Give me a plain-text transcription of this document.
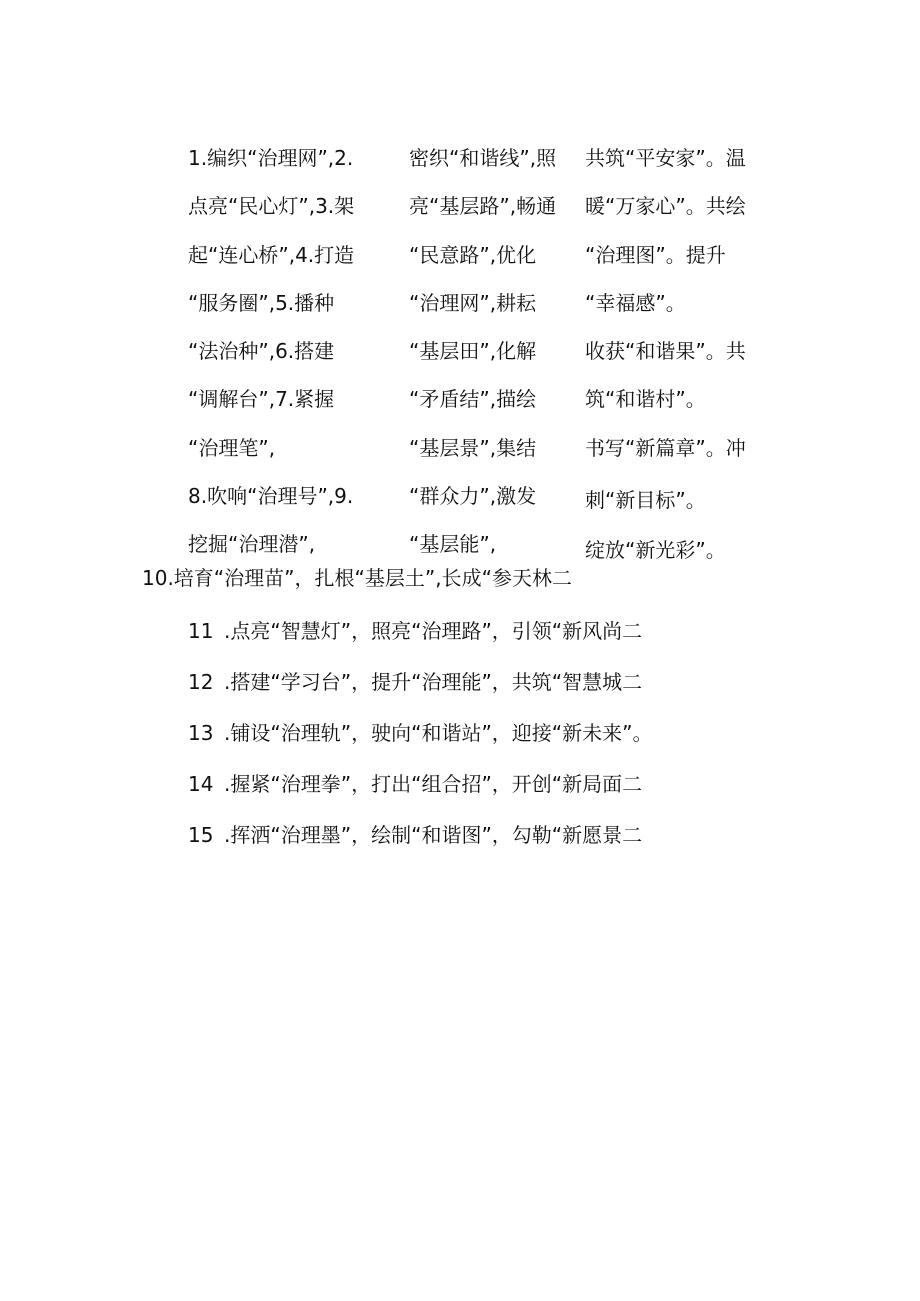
1.编织“治理网”,2.
点亮“民心灯”,3.架
起“连心桥”,4.打造
“服务圈”,5.播种
“法治种”,6.搭建
“调解台”,7.紧握
“治理笔”,
8.吹响“治理号”,9.
挖掘“治理潜”,
密织“和谐线”,照
亮“基层路”,畅通
“民意路”,优化
“治理网”,耕耘
“基层田”,化解
“矛盾结”,描绘
“基层景”,集结
“群众力”,激发
“基层能”,
共筑“平安家”。温
暖“万家心”。共绘
“治理图”。提升
“幸福感”。
收获“和谐果”。共
筑“和谐村”。
书写“新篇章”。冲
刺“新目标”。
绽放“新光彩”。
10.培育“治理苗”，扎根“基层土”,长成“参天林二
11 .点亮“智慧灯”，照亮“治理路”，引领“新风尚二
12 .搭建“学习台”，提升“治理能”，共筑“智慧城二
13 .铺设“治理轨”，驶向“和谐站”，迎接“新未来”。
14 .握紧“治理拳”，打出“组合招”，开创“新局面二
15 .挥洒“治理墨”，绘制“和谐图”，勾勒“新愿景二
